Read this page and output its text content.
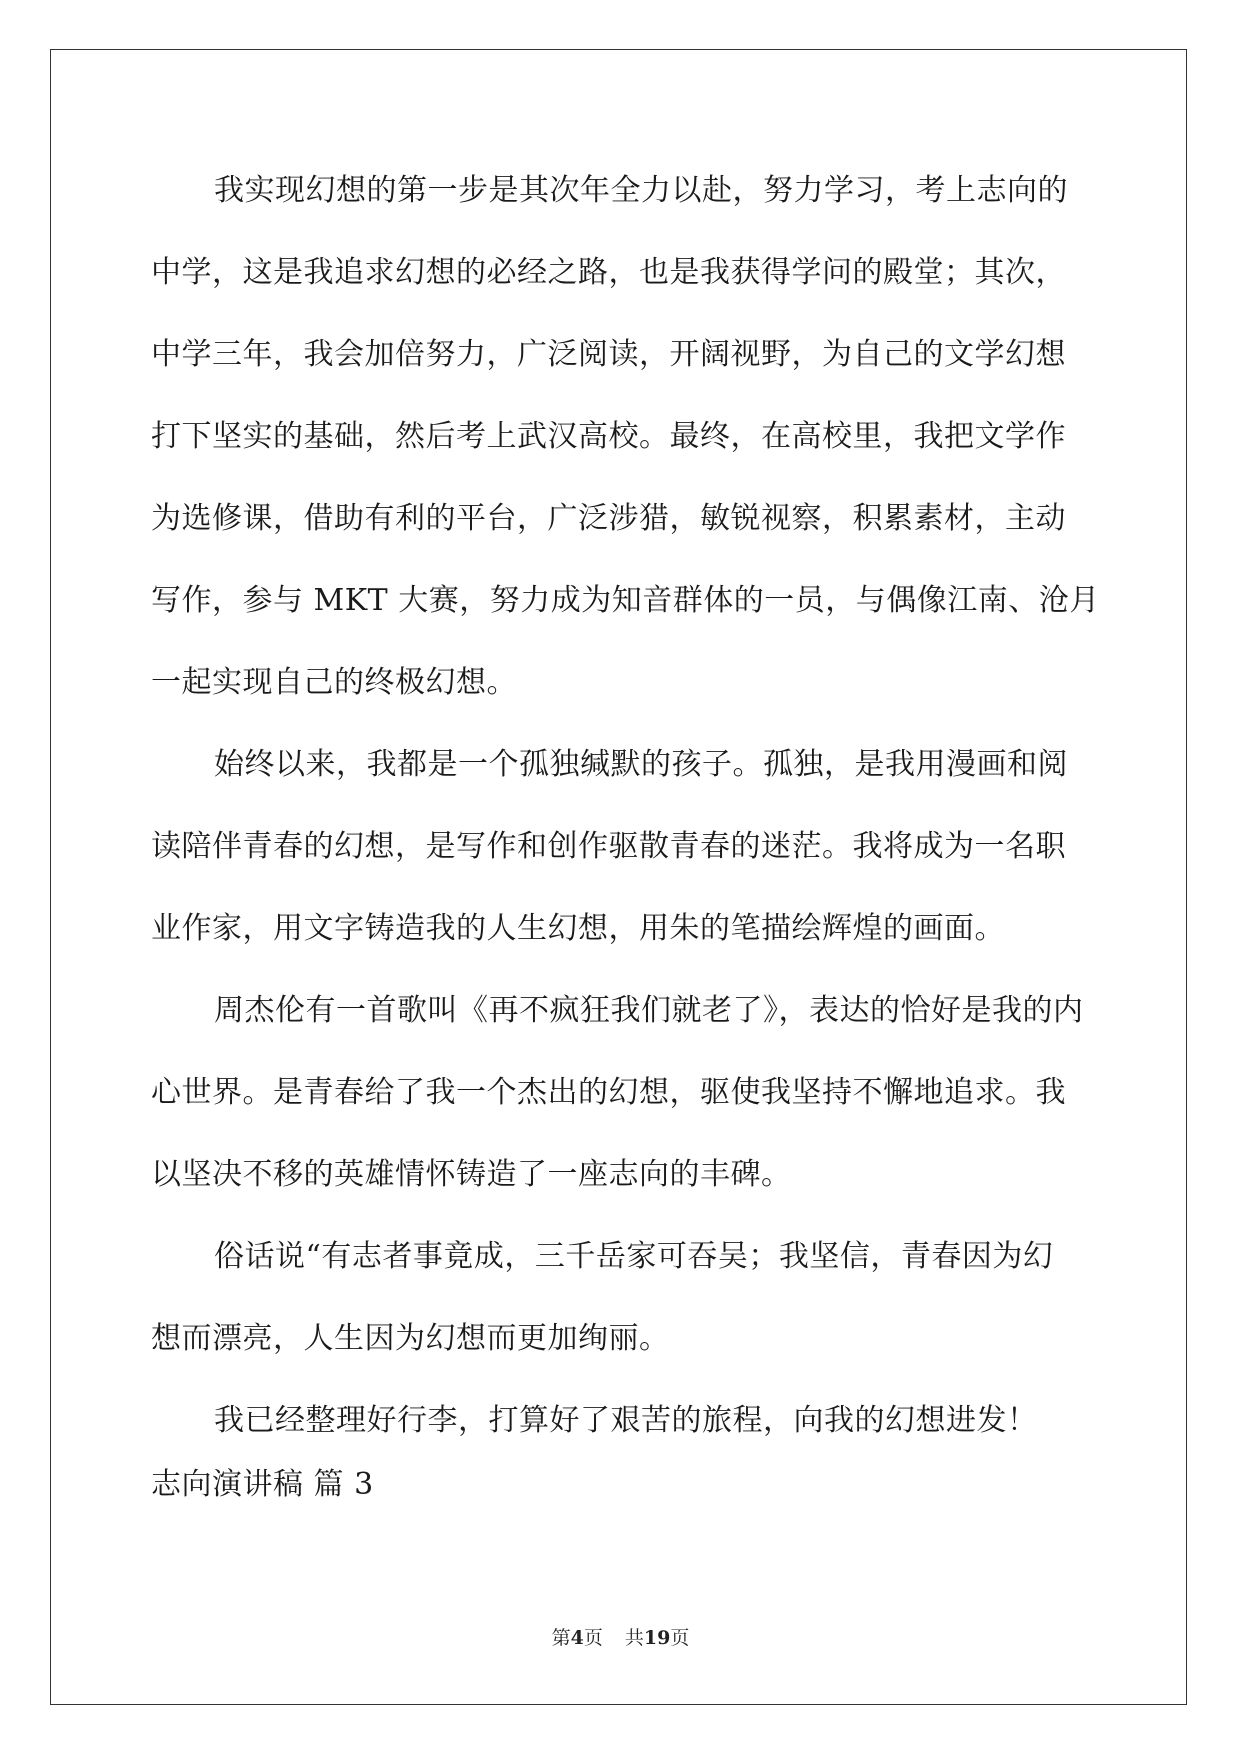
我实现幻想的第一步是其次年全力以赴，努力学习，考上志向的
中学，这是我追求幻想的必经之路，也是我获得学问的殿堂；其次，
中学三年，我会加倍努力，广泛阅读，开阔视野，为自己的文学幻想
打下坚实的基础，然后考上武汉高校。最终，在高校里，我把文学作
为选修课，借助有利的平台，广泛涉猎，敏锐视察，积累素材，主动
写作，参与 MKT 大赛，努力成为知音群体的一员，与偶像江南、沧月
一起实现自己的终极幻想。
始终以来，我都是一个孤独缄默的孩子。孤独，是我用漫画和阅
读陪伴青春的幻想，是写作和创作驱散青春的迷茫。我将成为一名职
业作家，用文字铸造我的人生幻想，用朱的笔描绘辉煌的画面。
周杰伦有一首歌叫《再不疯狂我们就老了》，表达的恰好是我的内
心世界。是青春给了我一个杰出的幻想，驱使我坚持不懈地追求。我
以坚决不移的英雄情怀铸造了一座志向的丰碑。
俗话说“有志者事竟成，三千岳家可吞吴；我坚信，青春因为幻
想而漂亮，人生因为幻想而更加绚丽。
我已经整理好行李，打算好了艰苦的旅程，向我的幻想进发！
志向演讲稿 篇 3
第4页 共19页
